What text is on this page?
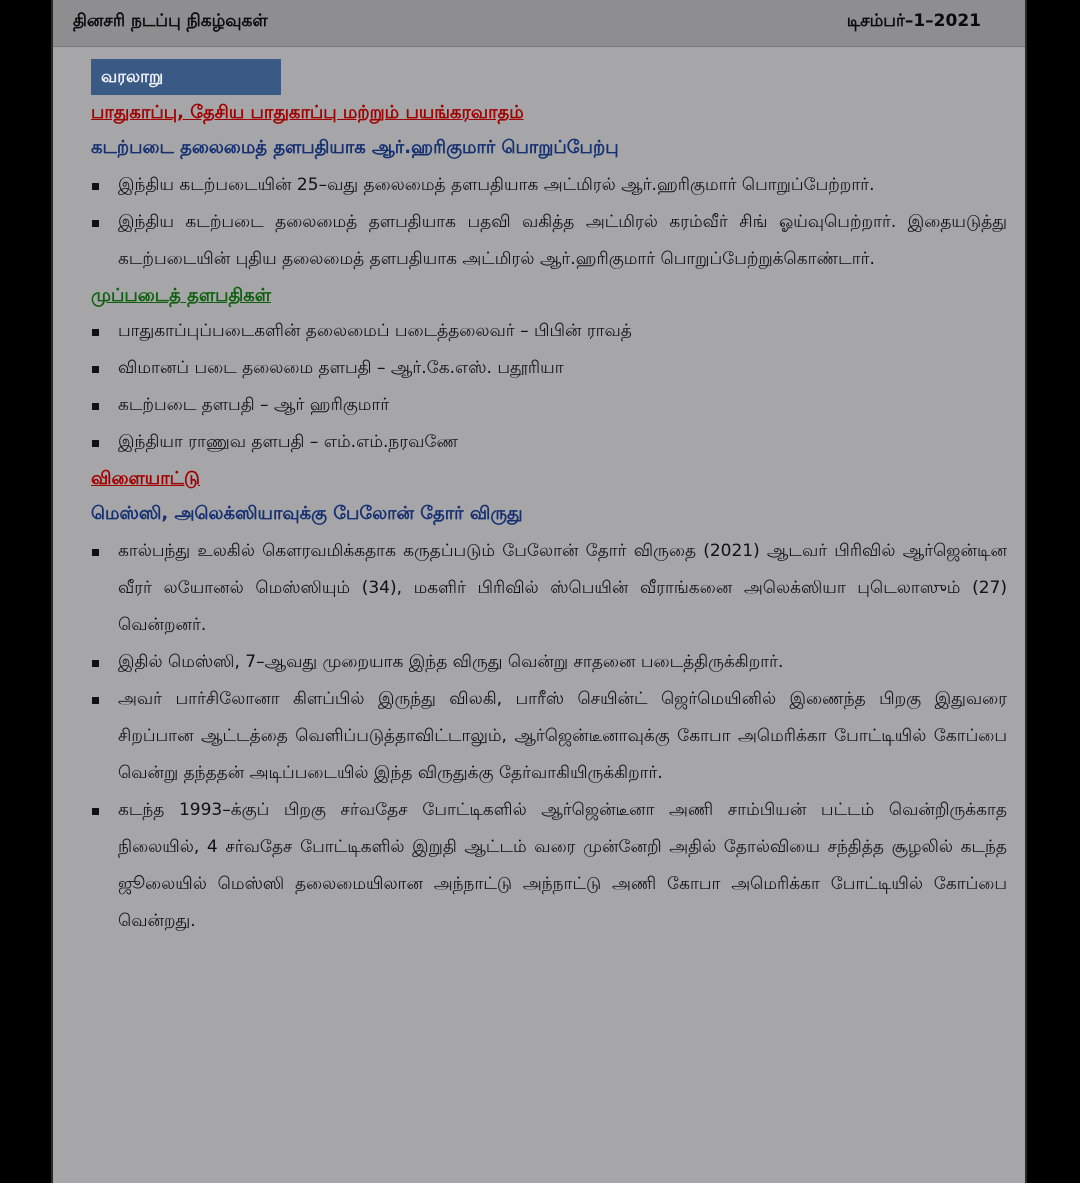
தினசரி நடப்பு நிகழ்வுகள்	டிசம்பர்–1–2021
வரலாறு
பாதுகாப்பு, தேசிய பாதுகாப்பு மற்றும் பயங்கரவாதம்
கடற்படை தலைமைத் தளபதியாக ஆர்.ஹரிகுமார் பொறுப்பேற்பு
இந்திய கடற்படையின் 25–வது தலைமைத் தளபதியாக அட்மிரல் ஆர்.ஹரிகுமார் பொறுப்பேற்றார்.
இந்திய கடற்படை தலைமைத் தளபதியாக பதவி வகித்த அட்மிரல் கரம்வீர் சிங் ஓய்வுபெற்றார். இதையடுத்து கடற்படையின் புதிய தலைமைத் தளபதியாக அட்மிரல் ஆர்.ஹரிகுமார் பொறுப்பேற்றுக்கொண்டார்.
முப்படைத் தளபதிகள்
பாதுகாப்புப்படைகளின் தலைமைப் படைத்தலைவர் – பிபின் ராவத்
விமானப் படை தலைமை தளபதி – ஆர்.கே.எஸ். பதூரியா
கடற்படை தளபதி – ஆர் ஹரிகுமார்
இந்தியா ராணுவ தளபதி – எம்.எம்.நரவணே
விளையாட்டு
மெஸ்ஸி, அலெக்ஸியாவுக்கு பேலோன் தோர் விருது
கால்பந்து உலகில் கௌரவமிக்கதாக கருதப்படும் பேலோன் தோர் விருதை (2021) ஆடவர் பிரிவில் ஆர்ஜென்டின வீரர் லயோனல் மெஸ்ஸியும் (34), மகளிர் பிரிவில் ஸ்பெயின் வீராங்கனை அலெக்ஸியா புடெலாஸும் (27) வென்றனர்.
இதில் மெஸ்ஸி, 7–ஆவது முறையாக இந்த விருது வென்று சாதனை படைத்திருக்கிறார்.
அவர் பார்சிலோனா கிளப்பில் இருந்து விலகி, பாரீஸ் செயின்ட் ஜெர்மெயினில் இணைந்த பிறகு இதுவரை சிறப்பான ஆட்டத்தை வெளிப்படுத்தாவிட்டாலும், ஆர்ஜென்டீனாவுக்கு கோபா அமெரிக்கா போட்டியில் கோப்பை வென்று தந்ததன் அடிப்படையில் இந்த விருதுக்கு தேர்வாகியிருக்கிறார்.
கடந்த 1993–க்குப் பிறகு சர்வதேச போட்டிகளில் ஆர்ஜென்டீனா அணி சாம்பியன் பட்டம் வென்றிருக்காத நிலையில், 4 சர்வதேச போட்டிகளில் இறுதி ஆட்டம் வரை முன்னேறி அதில் தோல்வியை சந்தித்த சூழலில் கடந்த ஜூலையில் மெஸ்ஸி தலைமையிலான அந்நாட்டு அந்நாட்டு அணி கோபா அமெரிக்கா போட்டியில் கோப்பை வென்றது.
